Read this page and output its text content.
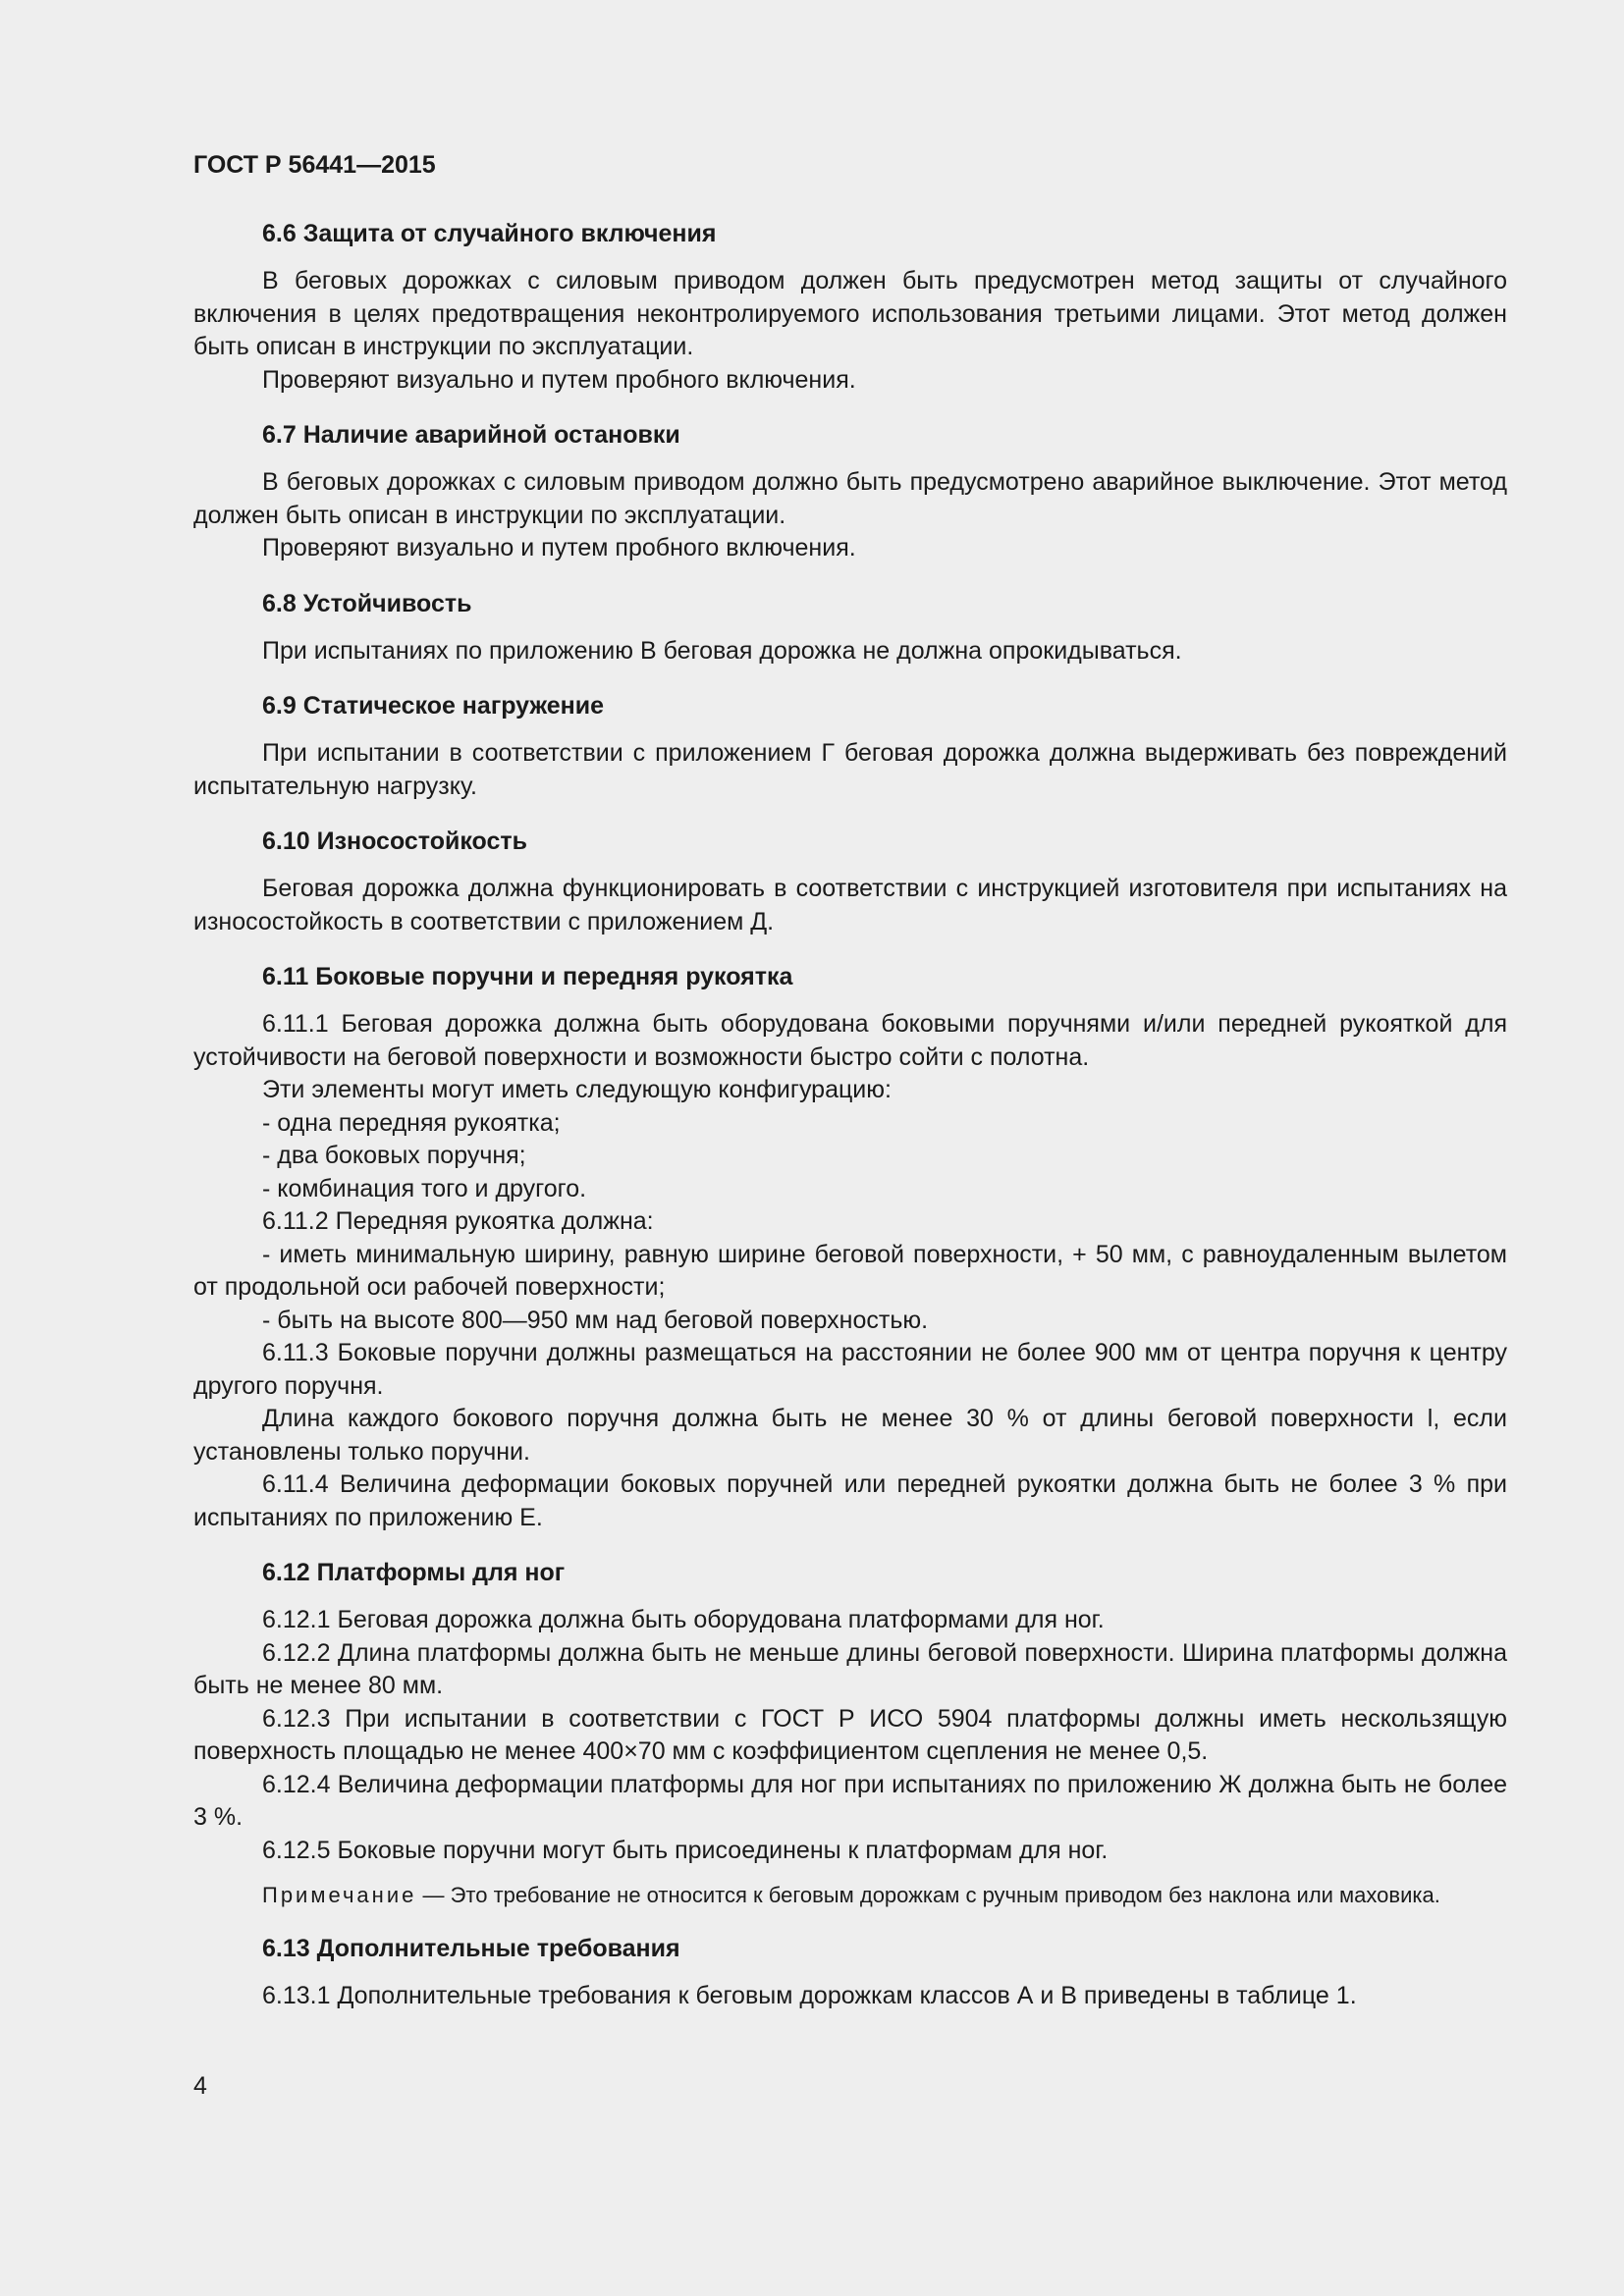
ГОСТ Р 56441—2015
6.6 Защита от случайного включения

В беговых дорожках с силовым приводом должен быть предусмотрен метод защиты от случайного включения в целях предотвращения неконтролируемого использования третьими лицами. Этот метод должен быть описан в инструкции по эксплуатации.

Проверяют визуально и путем пробного включения.

6.7 Наличие аварийной остановки

В беговых дорожках с силовым приводом должно быть предусмотрено аварийное выключение. Этот метод должен быть описан в инструкции по эксплуатации.

Проверяют визуально и путем пробного включения.

6.8 Устойчивость

При испытаниях по приложению В беговая дорожка не должна опрокидываться.

6.9 Статическое нагружение

При испытании в соответствии с приложением Г беговая дорожка должна выдерживать без повреждений испытательную нагрузку.

6.10 Износостойкость

Беговая дорожка должна функционировать в соответствии с инструкцией изготовителя при испытаниях на износостойкость в соответствии с приложением Д.

6.11 Боковые поручни и передняя рукоятка

6.11.1 Беговая дорожка должна быть оборудована боковыми поручнями и/или передней рукояткой для устойчивости на беговой поверхности и возможности быстро сойти с полотна.

Эти элементы могут иметь следующую конфигурацию:

- одна передняя рукоятка;

- два боковых поручня;

- комбинация того и другого.

6.11.2 Передняя рукоятка должна:

- иметь минимальную ширину, равную ширине беговой поверхности, + 50 мм, с равноудаленным вылетом от продольной оси рабочей поверхности;

- быть на высоте 800—950 мм над беговой поверхностью.

6.11.3 Боковые поручни должны размещаться на расстоянии не более 900 мм от центра поручня к центру другого поручня.

Длина каждого бокового поручня должна быть не менее 30 % от длины беговой поверхности l, если установлены только поручни.

6.11.4 Величина деформации боковых поручней или передней рукоятки должна быть не более 3 % при испытаниях по приложению Е.

6.12 Платформы для ног

6.12.1 Беговая дорожка должна быть оборудована платформами для ног.

6.12.2 Длина платформы должна быть не меньше длины беговой поверхности. Ширина платформы должна быть не менее 80 мм.

6.12.3 При испытании в соответствии с ГОСТ Р ИСО 5904 платформы должны иметь нескользящую поверхность площадью не менее 400×70 мм с коэффициентом сцепления не менее 0,5.

6.12.4 Величина деформации платформы для ног при испытаниях по приложению Ж должна быть не более 3 %.

6.12.5 Боковые поручни могут быть присоединены к платформам для ног.

Примечание — Это требование не относится к беговым дорожкам с ручным приводом без наклона или маховика.

6.13 Дополнительные требования

6.13.1 Дополнительные требования к беговым дорожкам классов А и В приведены в таблице 1.

4
